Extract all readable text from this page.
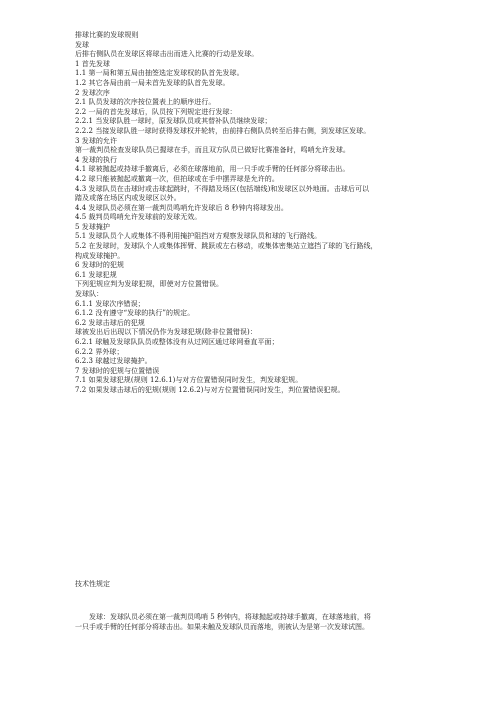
排球比赛的发球规则
发球
后排右侧队员在发球区将球击出而进入比赛的行动是发球。
1 首先发球
1.1 第一局和第五局由抽签选定发球权的队首先发球。
1.2 其它各局由前一局未首先发球的队首先发球。
2 发球次序
2.1 队员发球的次序按位置表上的顺序进行。
2.2 一局的首先发球后，队员按下列规定进行发球：
2.2.1 当发球队胜一球时，原发球队员或其替补队员继续发球；
2.2.2 当接发球队胜一球时获得发球权并轮转，由前排右侧队员转至后排右侧，到发球区发球。
3 发球的允许
第一裁判员检查发球队员已握球在手，而且双方队员已做好比赛准备时，鸣哨允许发球。
4 发球的执行
4.1 球被抛起或持球手撤离后，必须在球落地前，用一只手或手臂的任何部分将球击出。
4.2 球只能被抛起或撤离一次，但拍球或在手中摆弄球是允许的。
4.3 发球队员在击球时或击球起跳时，不得踏及场区(包括端线)和发球区以外地面。击球后可以
踏及或落在场区内或发球区以外。
4.4 发球队员必须在第一裁判员鸣哨允许发球后 8 秒钟内将球发出。
4.5 裁判员鸣哨允许发球前的发球无效。
5 发球掩护
5.1 发球队员个人或集体不得利用掩护阻挡对方观察发球队员和球的飞行路线。
5.2 在发球时，发球队个人或集体挥臂、跳跃或左右移动，或集体密集站立遮挡了球的飞行路线，
构成发球掩护。
6 发球时的犯规
6.1 发球犯规
下列犯规应判为发球犯规，即使对方位置错误。
发球队：
6.1.1 发球次序错误；
6.1.2 没有遵守“发球的执行”的规定。
6.2 发球击球后的犯规
球被发出后出现以下情况仍作为发球犯规(除非位置错误)：
6.2.1 球触及发球队队员或整体没有从过网区通过球网垂直平面；
6.2.2 界外球；
6.2.3 球越过发球掩护。
7 发球时的犯规与位置错误
7.1 如果发球犯规(规则 12.6.1)与对方位置错误同时发生，判发球犯规。
7.2 如果发球击球后的犯规(规则 12.6.2)与对方位置错误同时发生，判位置错误犯规。
技术性规定
发球：发球队员必须在第一裁判员鸣哨 5 秒钟内，将球抛起或持球手撤离，在球落地前，将
一只手或手臂的任何部分将球击出。如果未触及发球队员而落地，则被认为是第一次发球试图。
